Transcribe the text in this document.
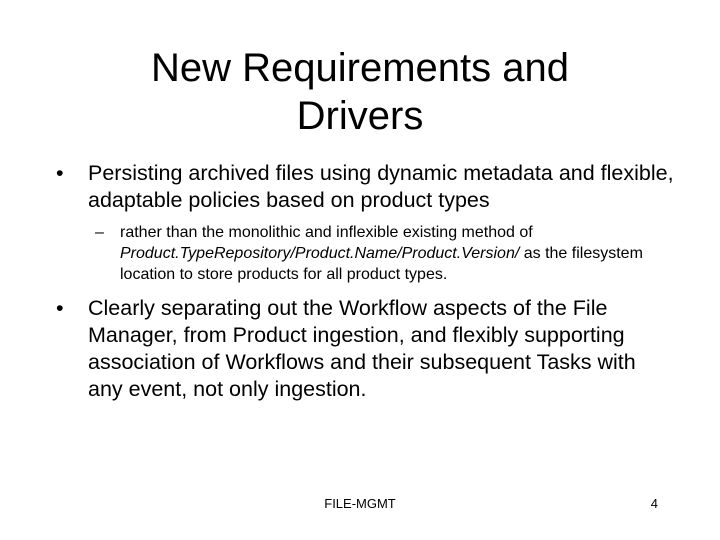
New Requirements and
Drivers
• Persisting archived files using dynamic metadata and flexible, adaptable policies based on product types
– rather than the monolithic and inflexible existing method of Product.TypeRepository/Product.Name/Product.Version/ as the filesystem location to store products for all product types.
• Clearly separating out the Workflow aspects of the File Manager, from Product ingestion, and flexibly supporting association of Workflows and their subsequent Tasks with any event, not only ingestion.
FILE-MGMT	4
